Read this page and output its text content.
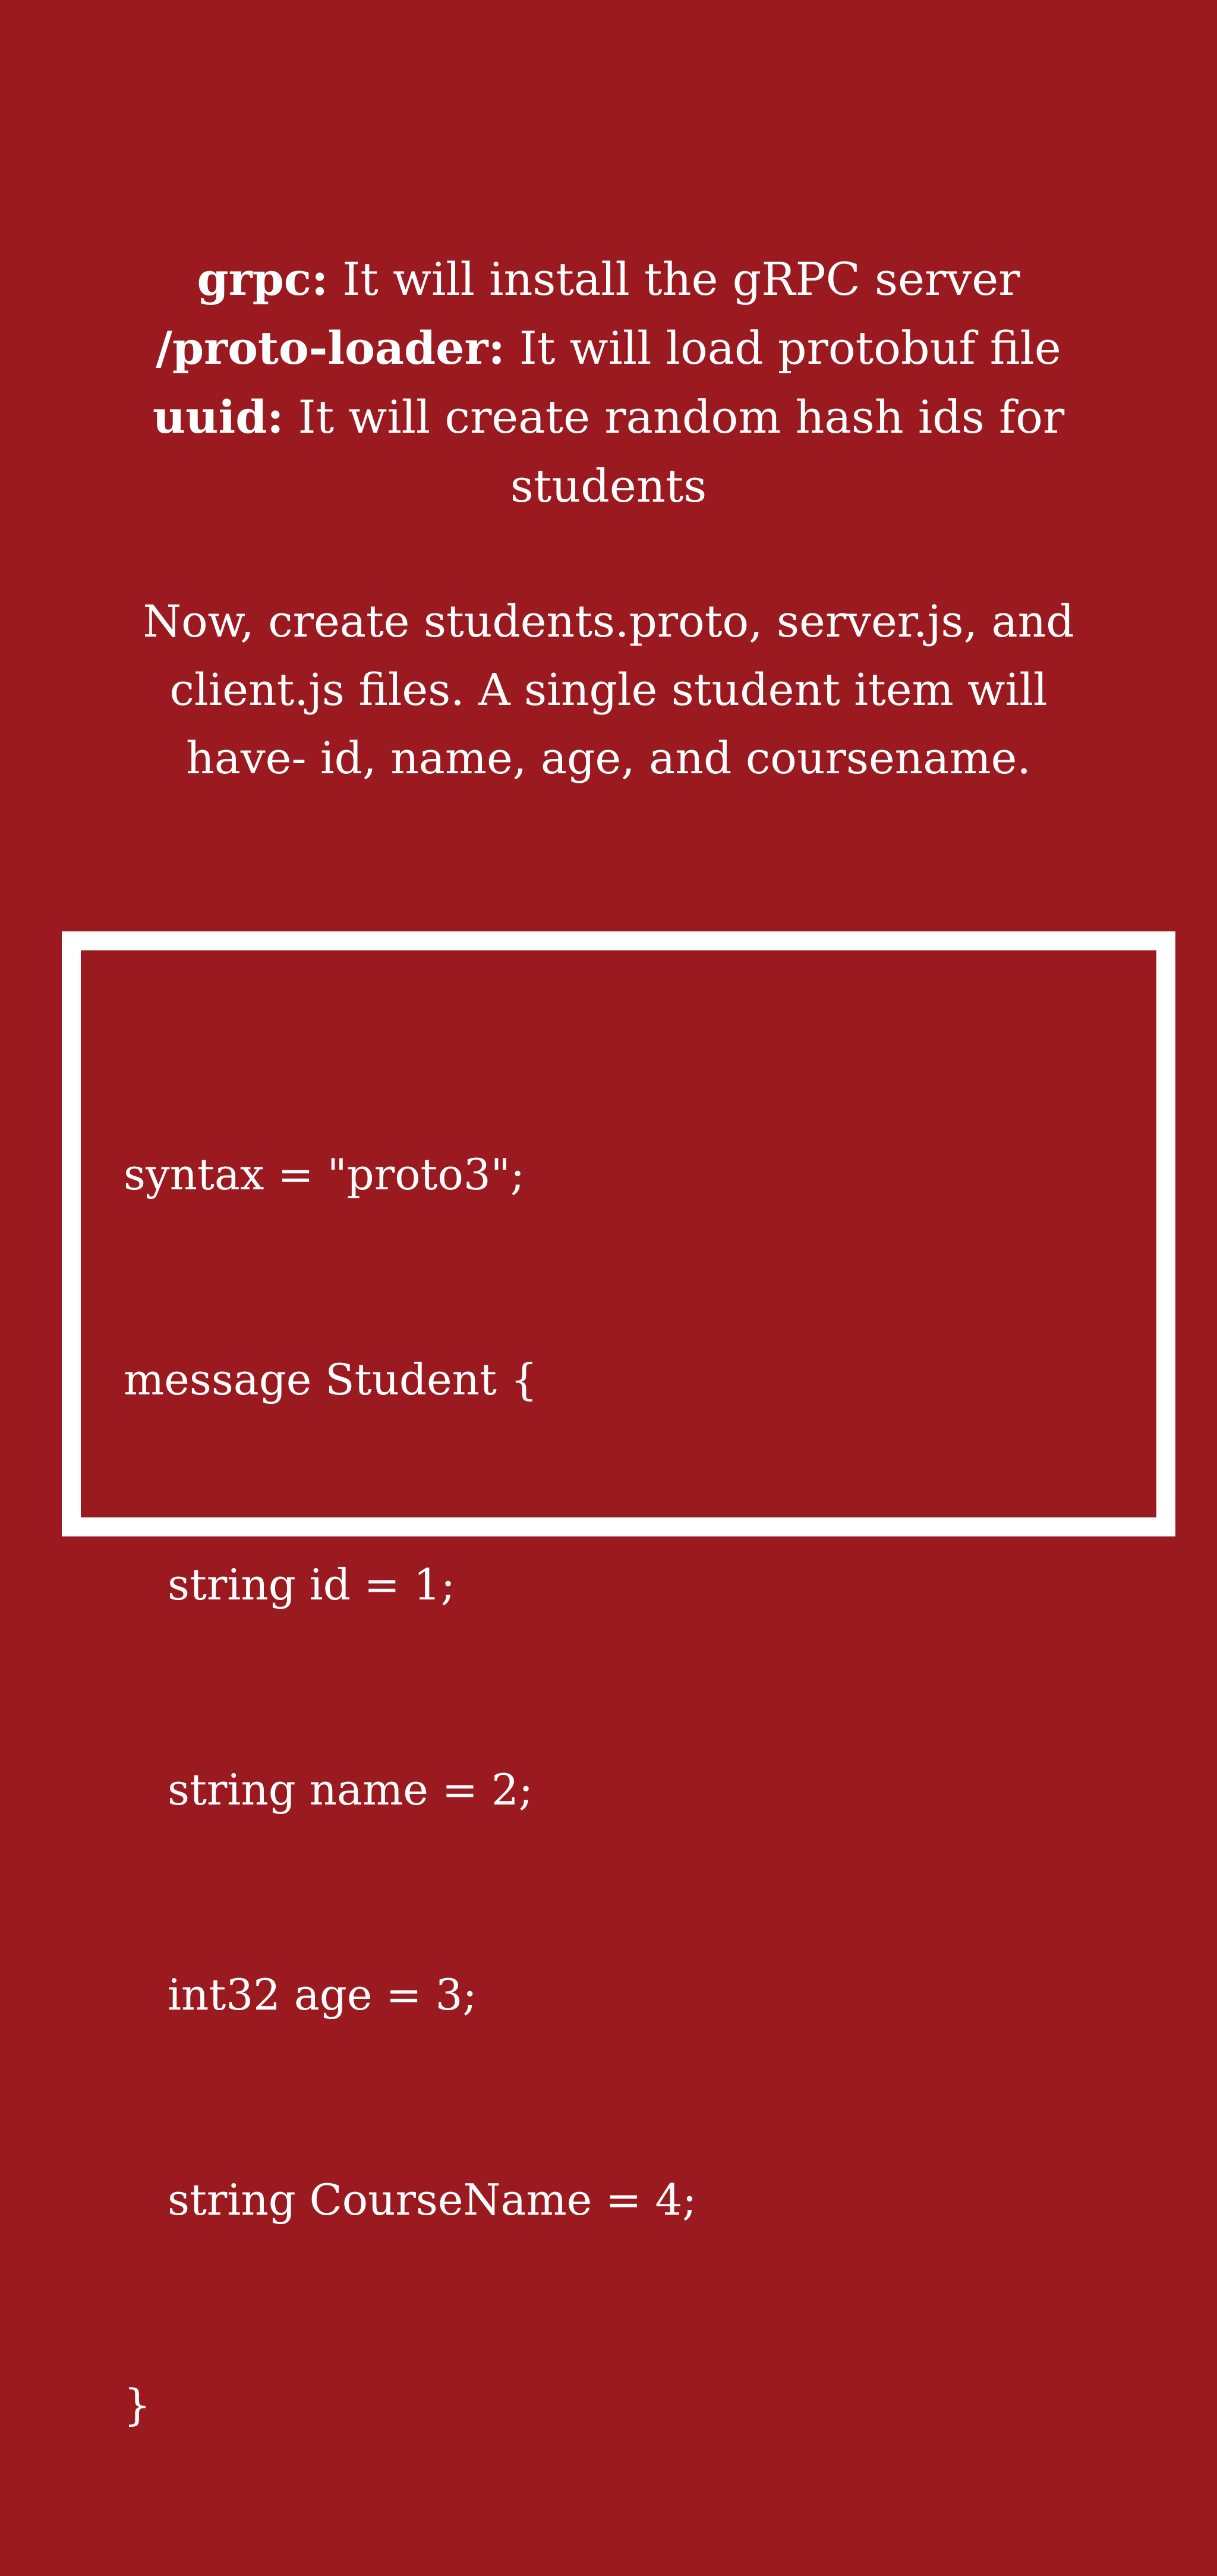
grpc: It will install the gRPC server
/proto-loader: It will load protobuf file
uuid: It will create random hash ids for
students
Now, create students.proto, server.js, and
client.js files. A single student item will
have- id, name, age, and coursename.

syntax = "proto3";

message Student {

string id = 1;

string name = 2;

int32 age = 3;

string CourseName = 4;

}
